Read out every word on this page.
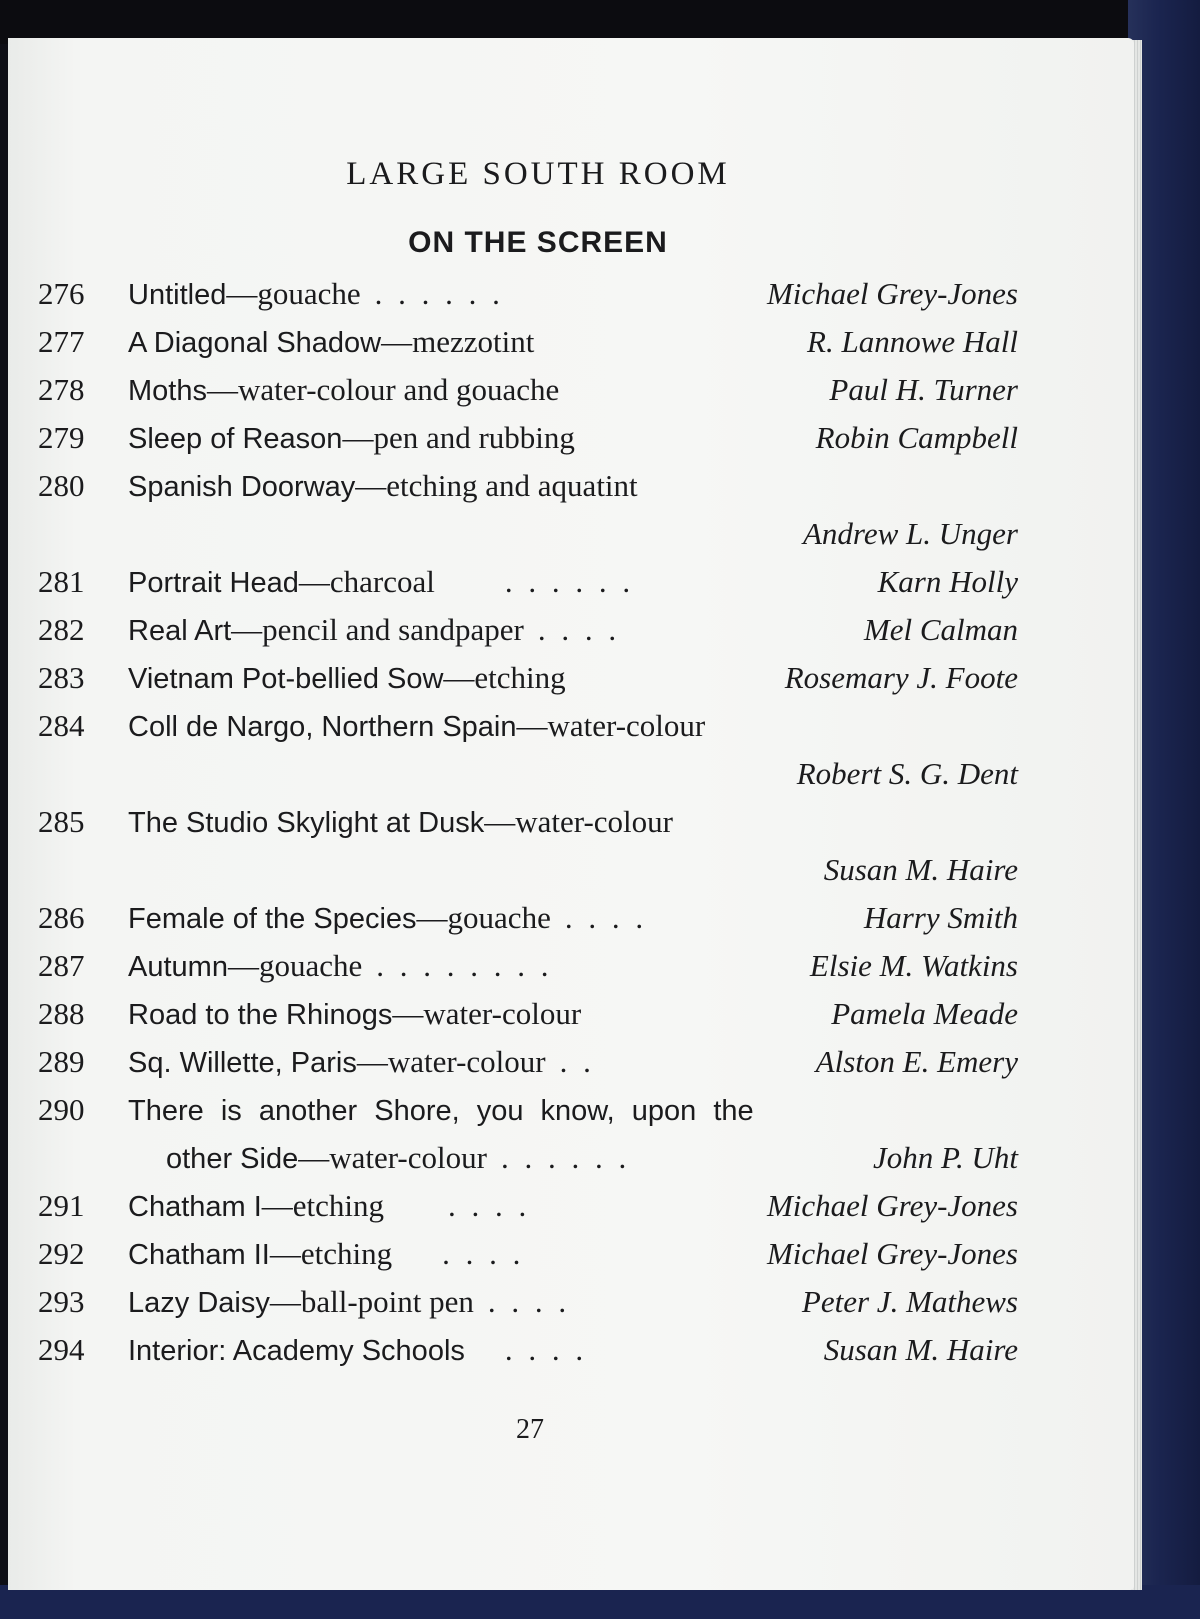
LARGE SOUTH ROOM
ON THE SCREEN
276	Untitled—gouache . . . . . .	Michael Grey-Jones
277	A Diagonal Shadow—mezzotint	R. Lannowe Hall
278	Moths—water-colour and gouache	Paul H. Turner
279	Sleep of Reason—pen and rubbing	Robin Campbell
280	Spanish Doorway—etching and aquatint
Andrew L. Unger
281	Portrait Head—charcoal . . . . . .	Karn Holly
282	Real Art—pencil and sandpaper . . . .	Mel Calman
283	Vietnam Pot-bellied Sow—etching	Rosemary J. Foote
284	Coll de Nargo, Northern Spain—water-colour
Robert S. G. Dent
285	The Studio Skylight at Dusk—water-colour
Susan M. Haire
286	Female of the Species—gouache . . . .	Harry Smith
287	Autumn—gouache . . . . . . . .	Elsie M. Watkins
288	Road to the Rhinogs—water-colour	Pamela Meade
289	Sq. Willette, Paris—water-colour . .	Alston E. Emery
290	There is another Shore, you know, upon the
other Side—water-colour . . . . . .	John P. Uht
291	Chatham I—etching . . . .	Michael Grey-Jones
292	Chatham II—etching . . . .	Michael Grey-Jones
293	Lazy Daisy—ball-point pen . . . .	Peter J. Mathews
294	Interior: Academy Schools . . . .	Susan M. Haire
27
